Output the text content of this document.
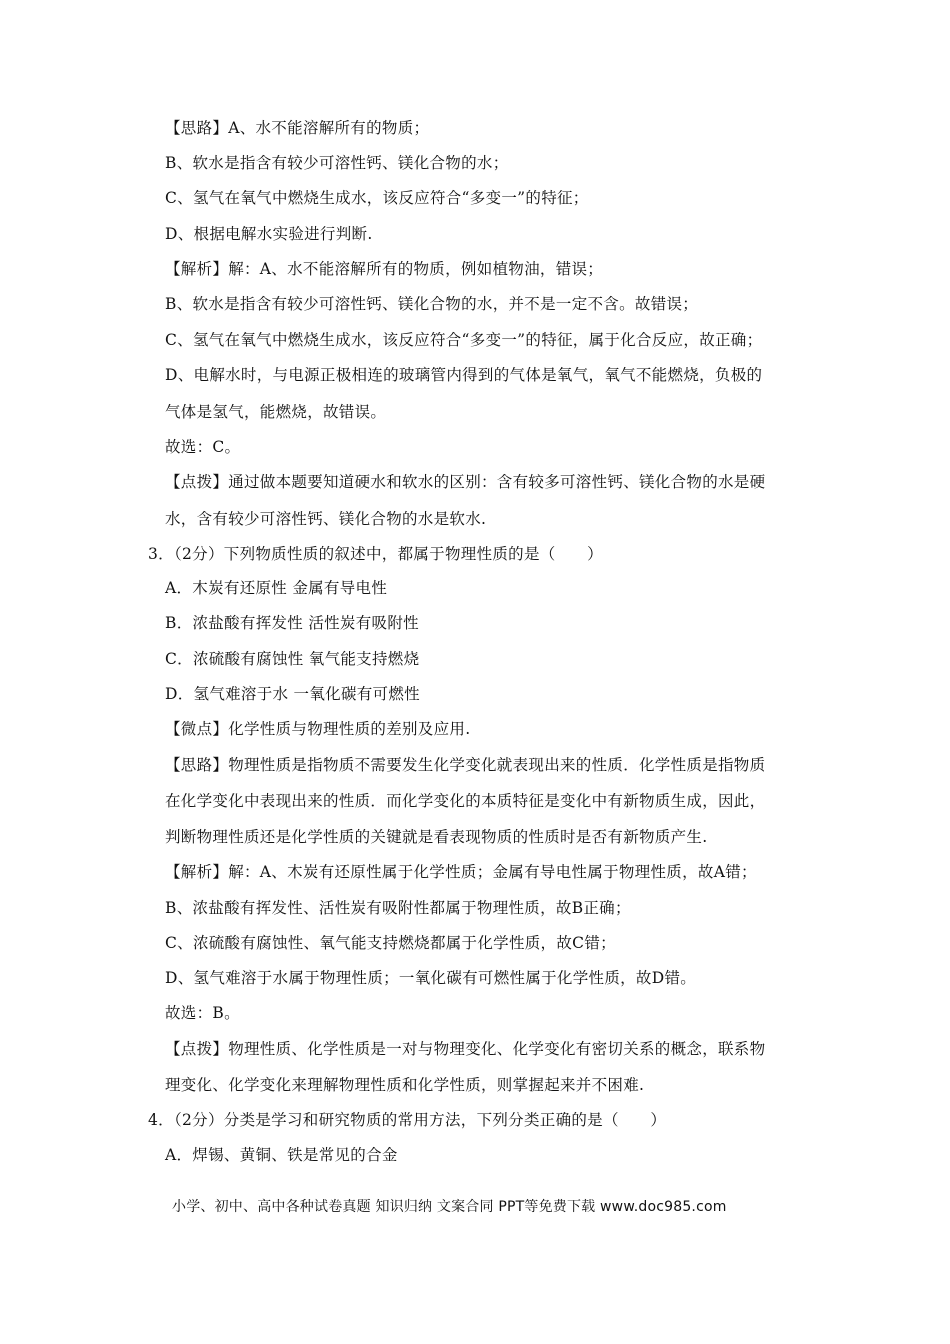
【思路】A、水不能溶解所有的物质；
B、软水是指含有较少可溶性钙、镁化合物的水；
C、氢气在氧气中燃烧生成水，该反应符合“多变一”的特征；
D、根据电解水实验进行判断.
【解析】解：A、水不能溶解所有的物质，例如植物油，错误；
B、软水是指含有较少可溶性钙、镁化合物的水，并不是一定不含。故错误；
C、氢气在氧气中燃烧生成水，该反应符合“多变一”的特征，属于化合反应，故正确；
D、电解水时，与电源正极相连的玻璃管内得到的气体是氧气，氧气不能燃烧，负极的
气体是氢气，能燃烧，故错误。
故选：C。
【点拨】通过做本题要知道硬水和软水的区别：含有较多可溶性钙、镁化合物的水是硬
水，含有较少可溶性钙、镁化合物的水是软水.
3．（2分）下列物质性质的叙述中，都属于物理性质的是（　　）
A．木炭有还原性 金属有导电性
B．浓盐酸有挥发性 活性炭有吸附性
C．浓硫酸有腐蚀性 氧气能支持燃烧
D．氢气难溶于水 一氧化碳有可燃性
【微点】化学性质与物理性质的差别及应用.
【思路】物理性质是指物质不需要发生化学变化就表现出来的性质．化学性质是指物质
在化学变化中表现出来的性质．而化学变化的本质特征是变化中有新物质生成，因此，
判断物理性质还是化学性质的关键就是看表现物质的性质时是否有新物质产生.
【解析】解：A、木炭有还原性属于化学性质；金属有导电性属于物理性质，故A错；
B、浓盐酸有挥发性、活性炭有吸附性都属于物理性质，故B正确；
C、浓硫酸有腐蚀性、氧气能支持燃烧都属于化学性质，故C错；
D、氢气难溶于水属于物理性质；一氧化碳有可燃性属于化学性质，故D错。
故选：B。
【点拨】物理性质、化学性质是一对与物理变化、化学变化有密切关系的概念，联系物
理变化、化学变化来理解物理性质和化学性质，则掌握起来并不困难.
4．（2分）分类是学习和研究物质的常用方法，下列分类正确的是（　　）
A．焊锡、黄铜、铁是常见的合金
小学、初中、高中各种试卷真题 知识归纳 文案合同 PPT等免费下载 www.doc985.com
